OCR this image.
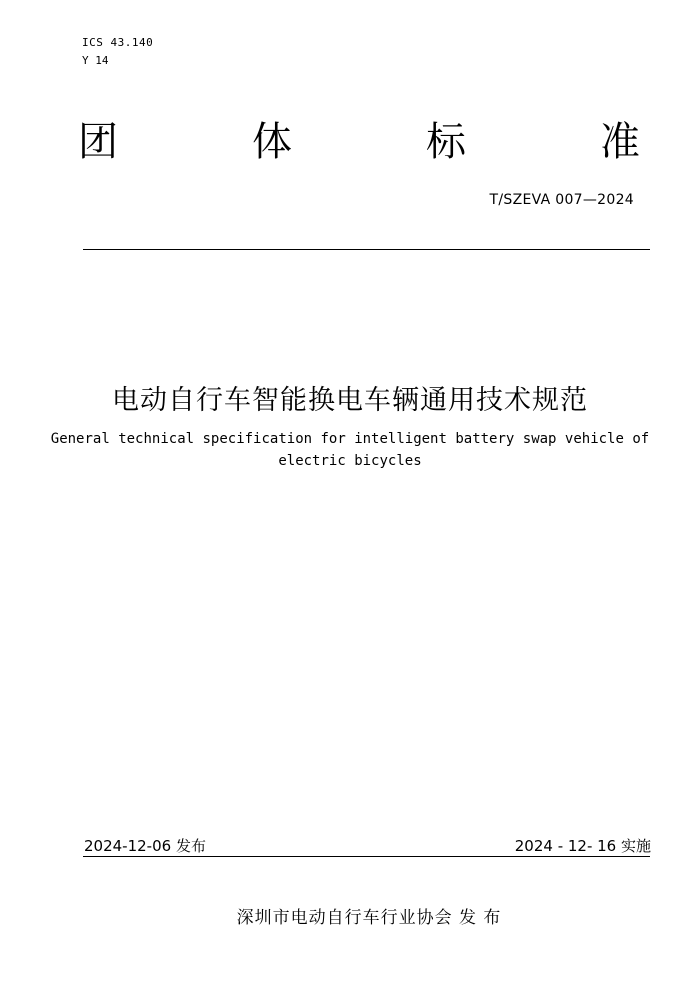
ICS 43.140
Y 14
团	体	标	准
T/SZEVA 007—2024
电动自行车智能换电车辆通用技术规范
General technical specification for intelligent battery swap vehicle of electric bicycles
2024-12-06 发布	2024 - 12- 16 实施
深圳市电动自行车行业协会 发 布
